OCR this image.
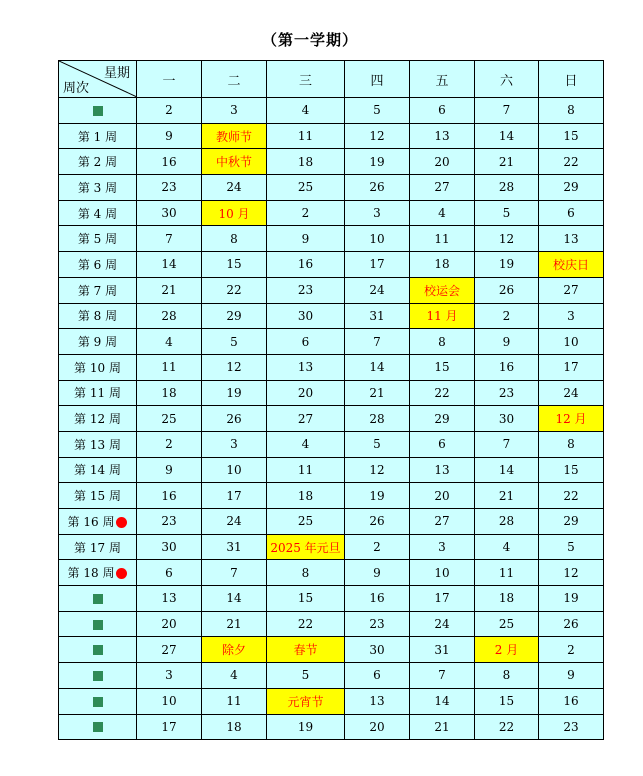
（第一学期）
星期
周次	一	二	三	四	五	六	日
	2	3	4	5	6	7	8
第 1 周	9	教师节	11	12	13	14	15
第 2 周	16	中秋节	18	19	20	21	22
第 3 周	23	24	25	26	27	28	29
第 4 周	30	10 月	2	3	4	5	6
第 5 周	7	8	9	10	11	12	13
第 6 周	14	15	16	17	18	19	校庆日
第 7 周	21	22	23	24	校运会	26	27
第 8 周	28	29	30	31	11 月	2	3
第 9 周	4	5	6	7	8	9	10
第 10 周	11	12	13	14	15	16	17
第 11 周	18	19	20	21	22	23	24
第 12 周	25	26	27	28	29	30	12 月
第 13 周	2	3	4	5	6	7	8
第 14 周	9	10	11	12	13	14	15
第 15 周	16	17	18	19	20	21	22
第 16 周	23	24	25	26	27	28	29
第 17 周	30	31	2025 年元旦	2	3	4	5
第 18 周	6	7	8	9	10	11	12
	13	14	15	16	17	18	19
	20	21	22	23	24	25	26
	27	除夕	春节	30	31	2 月	2
	3	4	5	6	7	8	9
	10	11	元宵节	13	14	15	16
	17	18	19	20	21	22	23
